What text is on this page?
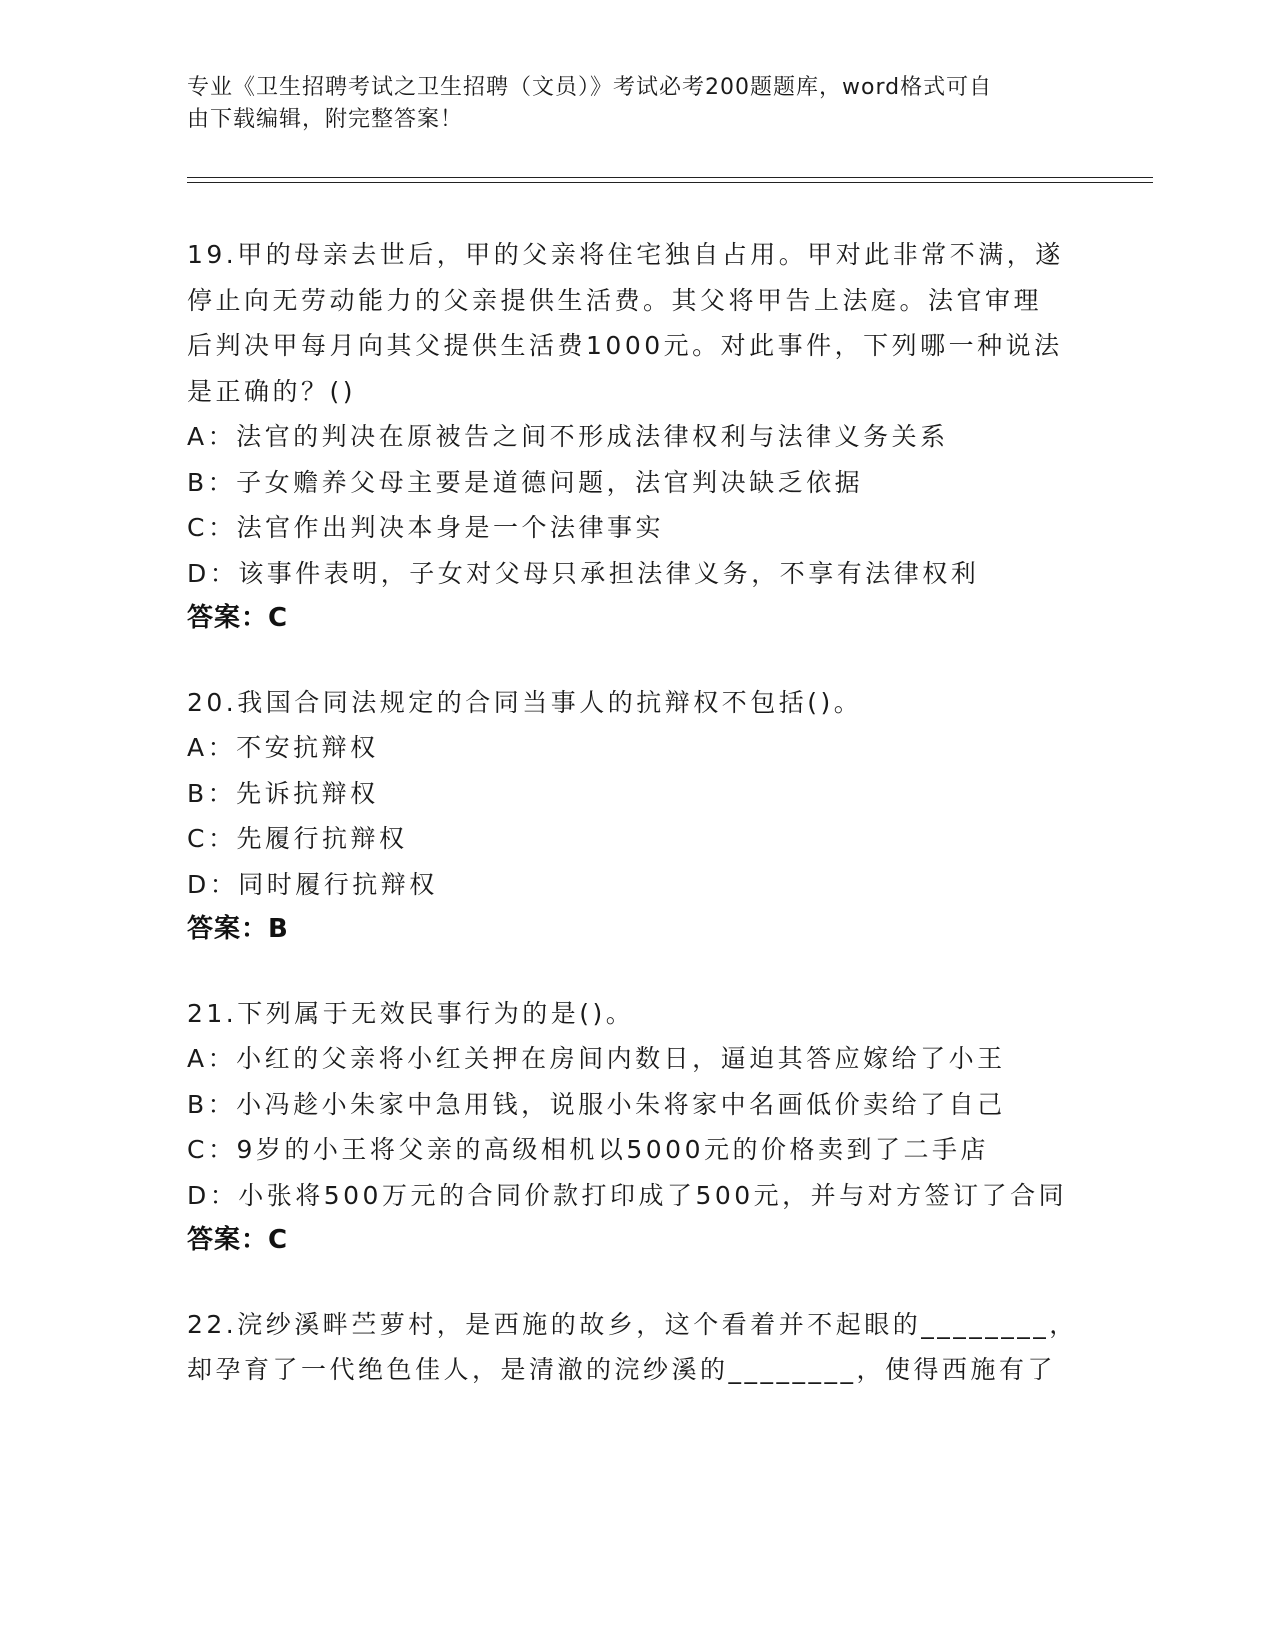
专业《卫生招聘考试之卫生招聘（文员）》考试必考200题题库，word格式可自
由下载编辑，附完整答案！
19.甲的母亲去世后，甲的父亲将住宅独自占用。甲对此非常不满，遂
停止向无劳动能力的父亲提供生活费。其父将甲告上法庭。法官审理
后判决甲每月向其父提供生活费1000元。对此事件，下列哪一种说法
是正确的？()
A：法官的判决在原被告之间不形成法律权利与法律义务关系
B：子女赡养父母主要是道德问题，法官判决缺乏依据
C：法官作出判决本身是一个法律事实
D：该事件表明，子女对父母只承担法律义务，不享有法律权利
答案：C
20.我国合同法规定的合同当事人的抗辩权不包括()。
A：不安抗辩权
B：先诉抗辩权
C：先履行抗辩权
D：同时履行抗辩权
答案：B
21.下列属于无效民事行为的是()。
A：小红的父亲将小红关押在房间内数日，逼迫其答应嫁给了小王
B：小冯趁小朱家中急用钱，说服小朱将家中名画低价卖给了自己
C：9岁的小王将父亲的高级相机以5000元的价格卖到了二手店
D：小张将500万元的合同价款打印成了500元，并与对方签订了合同
答案：C
22.浣纱溪畔苎萝村，是西施的故乡，这个看着并不起眼的________，
却孕育了一代绝色佳人，是清澈的浣纱溪的________，使得西施有了
